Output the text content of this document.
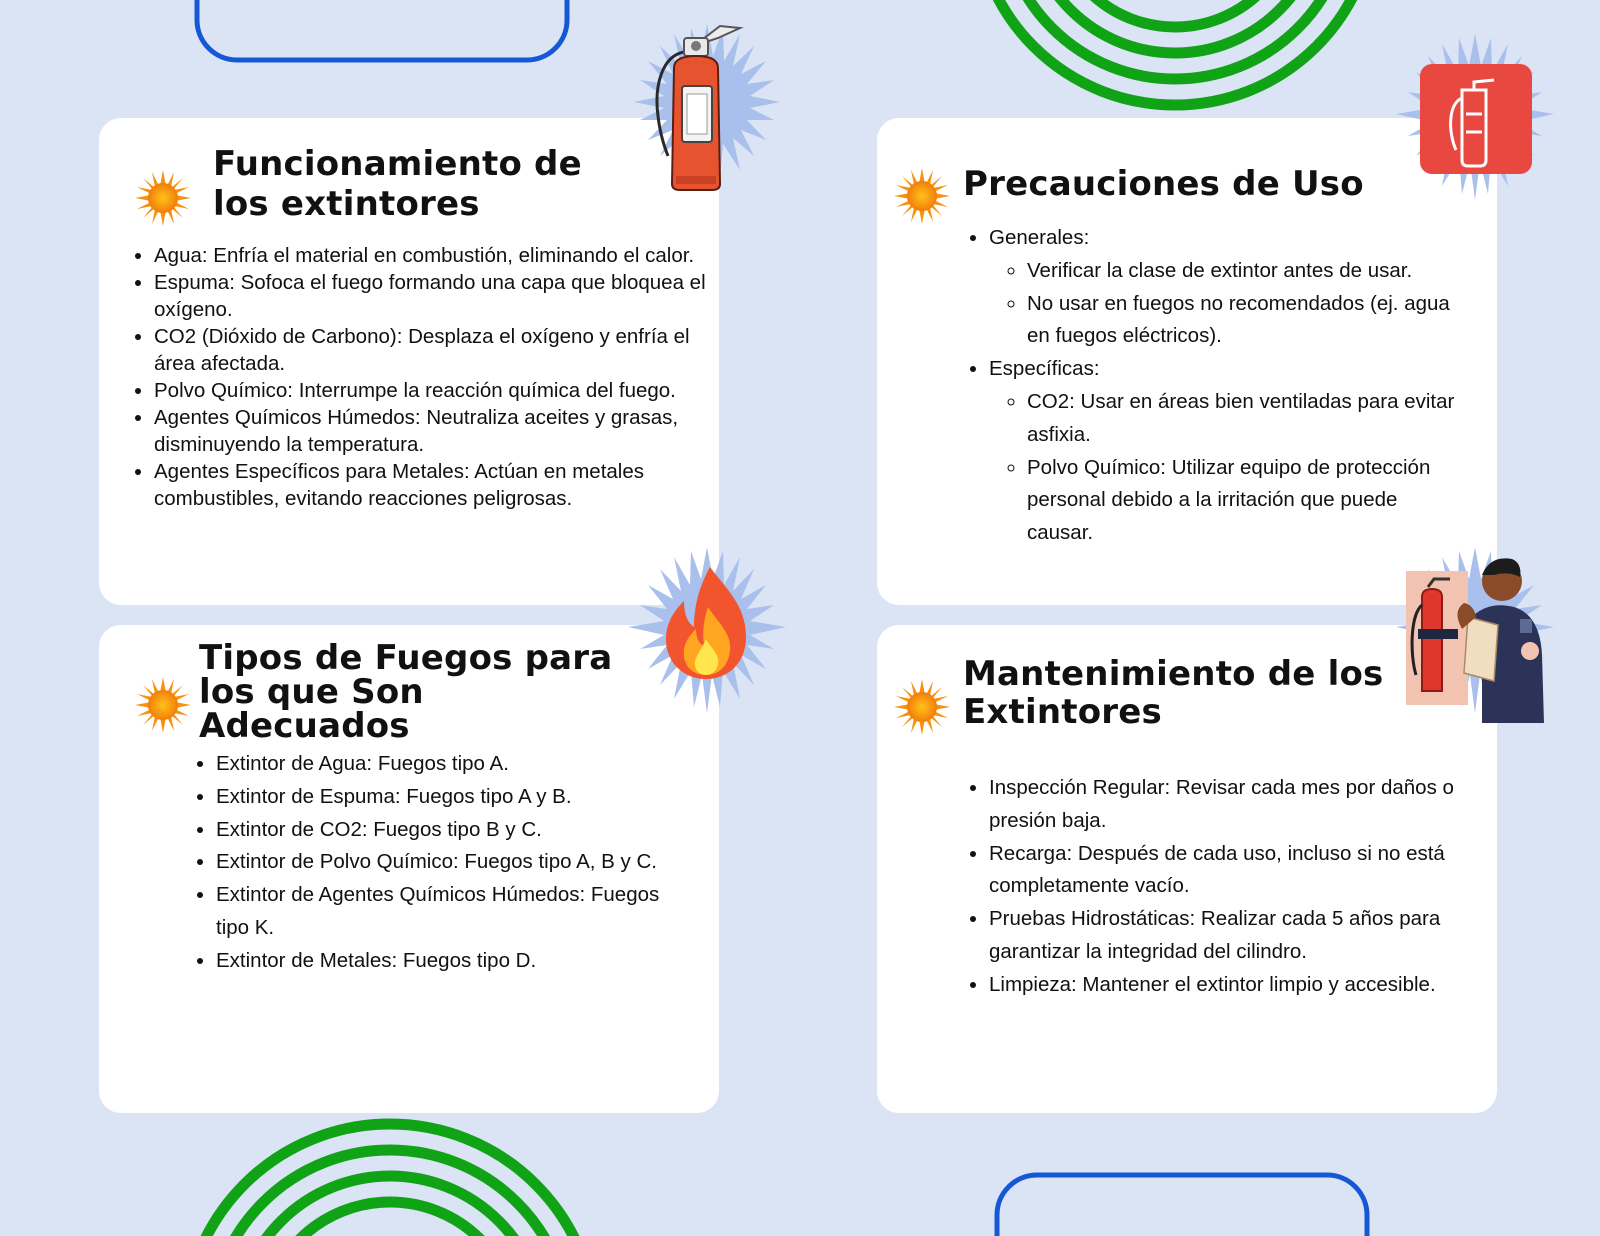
Funcionamiento de los extintores
• Agua: Enfría el material en combustión, eliminando el calor.
• Espuma: Sofoca el fuego formando una capa que bloquea el oxígeno.
• CO2 (Dióxido de Carbono): Desplaza el oxígeno y enfría el área afectada.
• Polvo Químico: Interrumpe la reacción química del fuego.
• Agentes Químicos Húmedos: Neutraliza aceites y grasas, disminuyendo la temperatura.
• Agentes Específicos para Metales: Actúan en metales combustibles, evitando reacciones peligrosas.
Precauciones de Uso
• Generales:
◦ Verificar la clase de extintor antes de usar.
◦ No usar en fuegos no recomendados (ej. agua en fuegos eléctricos).
• Específicas:
◦ CO2: Usar en áreas bien ventiladas para evitar asfixia.
◦ Polvo Químico: Utilizar equipo de protección personal debido a la irritación que puede causar.
Tipos de Fuegos para los que Son Adecuados
• Extintor de Agua: Fuegos tipo A.
• Extintor de Espuma: Fuegos tipo A y B.
• Extintor de CO2: Fuegos tipo B y C.
• Extintor de Polvo Químico: Fuegos tipo A, B y C.
• Extintor de Agentes Químicos Húmedos: Fuegos tipo K.
• Extintor de Metales: Fuegos tipo D.
Mantenimiento de los Extintores
• Inspección Regular: Revisar cada mes por daños o presión baja.
• Recarga: Después de cada uso, incluso si no está completamente vacío.
• Pruebas Hidrostáticas: Realizar cada 5 años para garantizar la integridad del cilindro.
• Limpieza: Mantener el extintor limpio y accesible.
